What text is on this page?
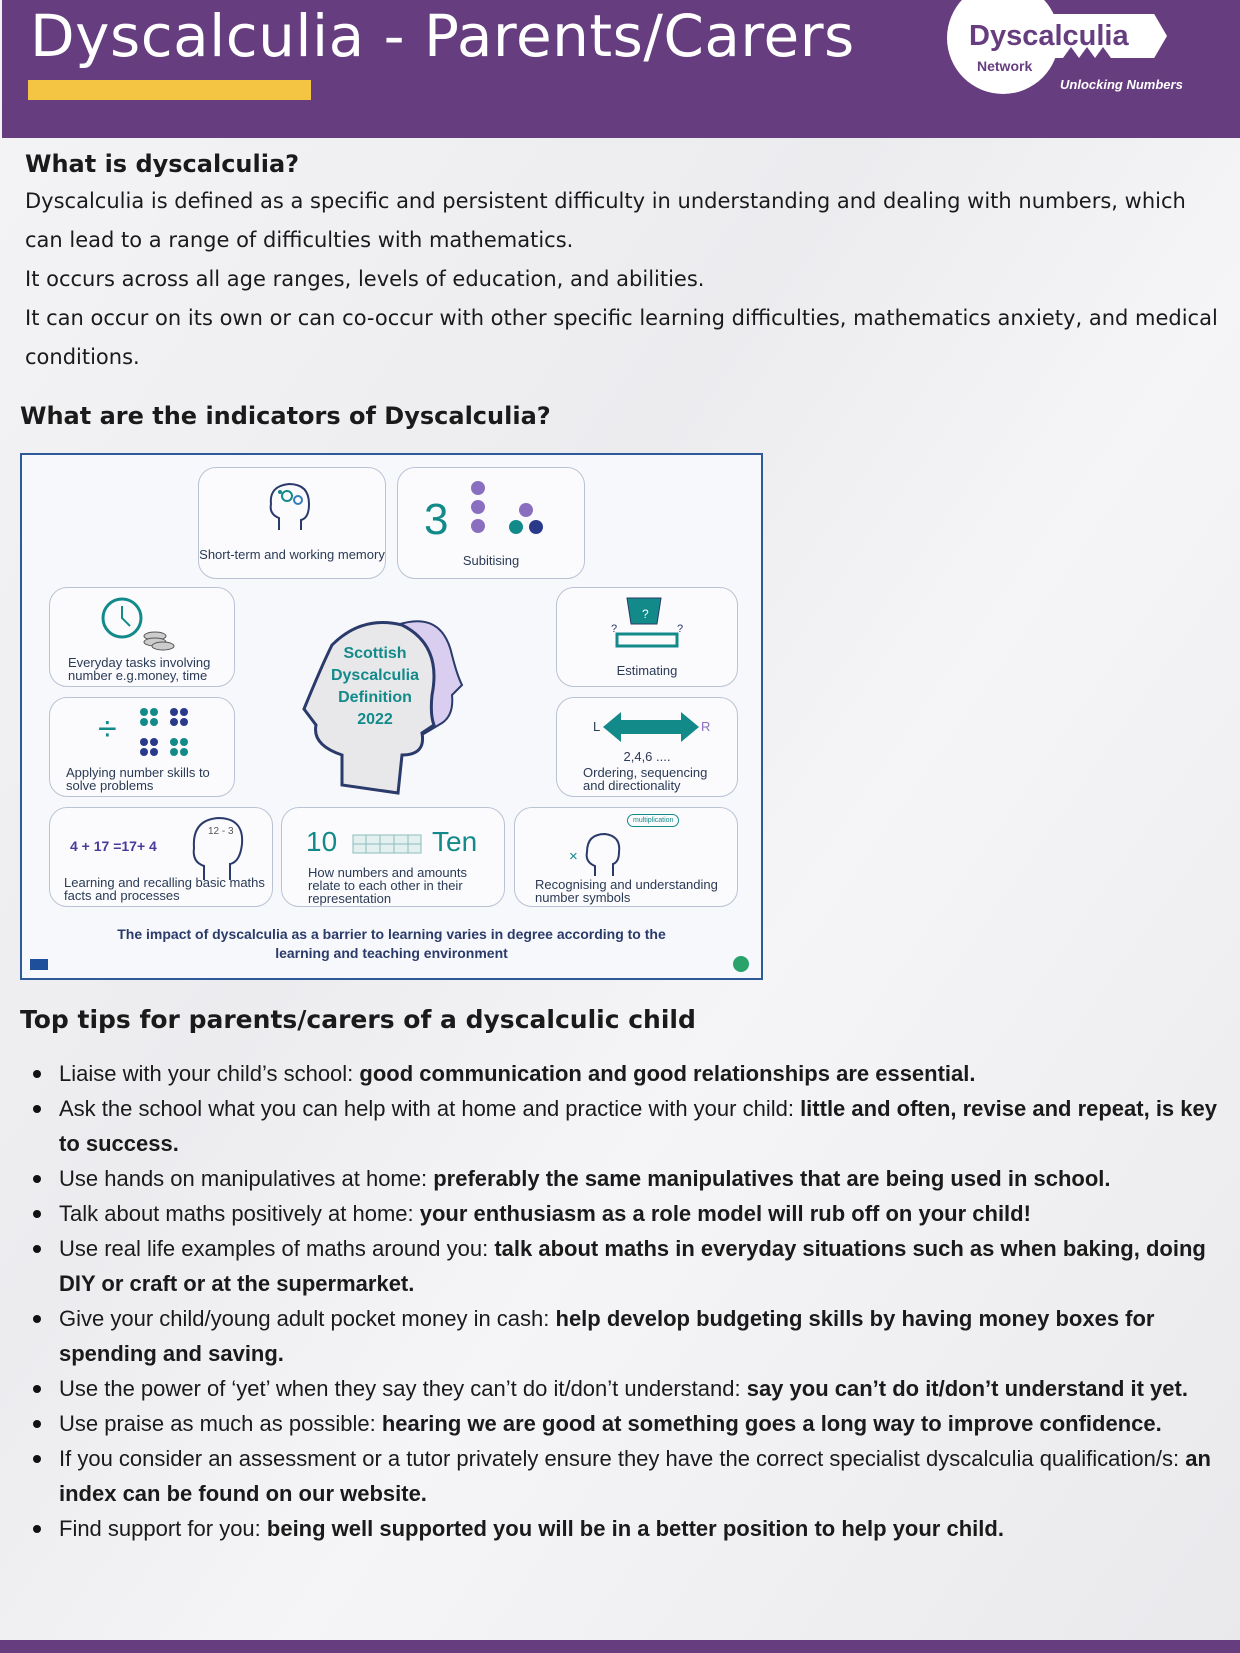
Dyscalculia - Parents/Carers	Dyscalculia
Network
Unlocking Numbers
What is dyscalculia?
Dyscalculia is defined as a specific and persistent difficulty in understanding and dealing with numbers, which can lead to a range of difficulties with mathematics.
It occurs across all age ranges, levels of education, and abilities.
It can occur on its own or can co-occur with other specific learning difficulties, mathematics anxiety, and medical conditions.
What are the indicators of Dyscalculia?
Short-term and working memory
3
Subitising
Everyday tasks involving number e.g.money, time
÷
Applying number skills to solve problems
Scottish
Dyscalculia
Definition
2022
?
?	?
Estimating
L	R
2,4,6 ....
Ordering, sequencing and directionality
4 + 17 =17+ 4
12 - 3
Learning and recalling basic maths facts and processes
10	Ten
How numbers and amounts relate to each other in their representation
×
multiplication
Recognising and understanding number symbols
The impact of dyscalculia as a barrier to learning varies in degree according to the learning and teaching environment
Top tips for parents/carers of a dyscalculic child
Liaise with your child’s school: good communication and good relationships are essential.
Ask the school what you can help with at home and practice with your child: little and often, revise and repeat, is key to success.
Use hands on manipulatives at home: preferably the same manipulatives that are being used in school.
Talk about maths positively at home: your enthusiasm as a role model will rub off on your child!
Use real life examples of maths around you: talk about maths in everyday situations such as when baking, doing DIY or craft or at the supermarket.
Give your child/young adult pocket money in cash: help develop budgeting skills by having money boxes for spending and saving.
Use the power of ‘yet’ when they say they can’t do it/don’t understand: say you can’t do it/don’t understand it yet.
Use praise as much as possible: hearing we are good at something goes a long way to improve confidence.
If you consider an assessment or a tutor privately ensure they have the correct specialist dyscalculia qualification/s: an index can be found on our website.
Find support for you: being well supported you will be in a better position to help your child.
